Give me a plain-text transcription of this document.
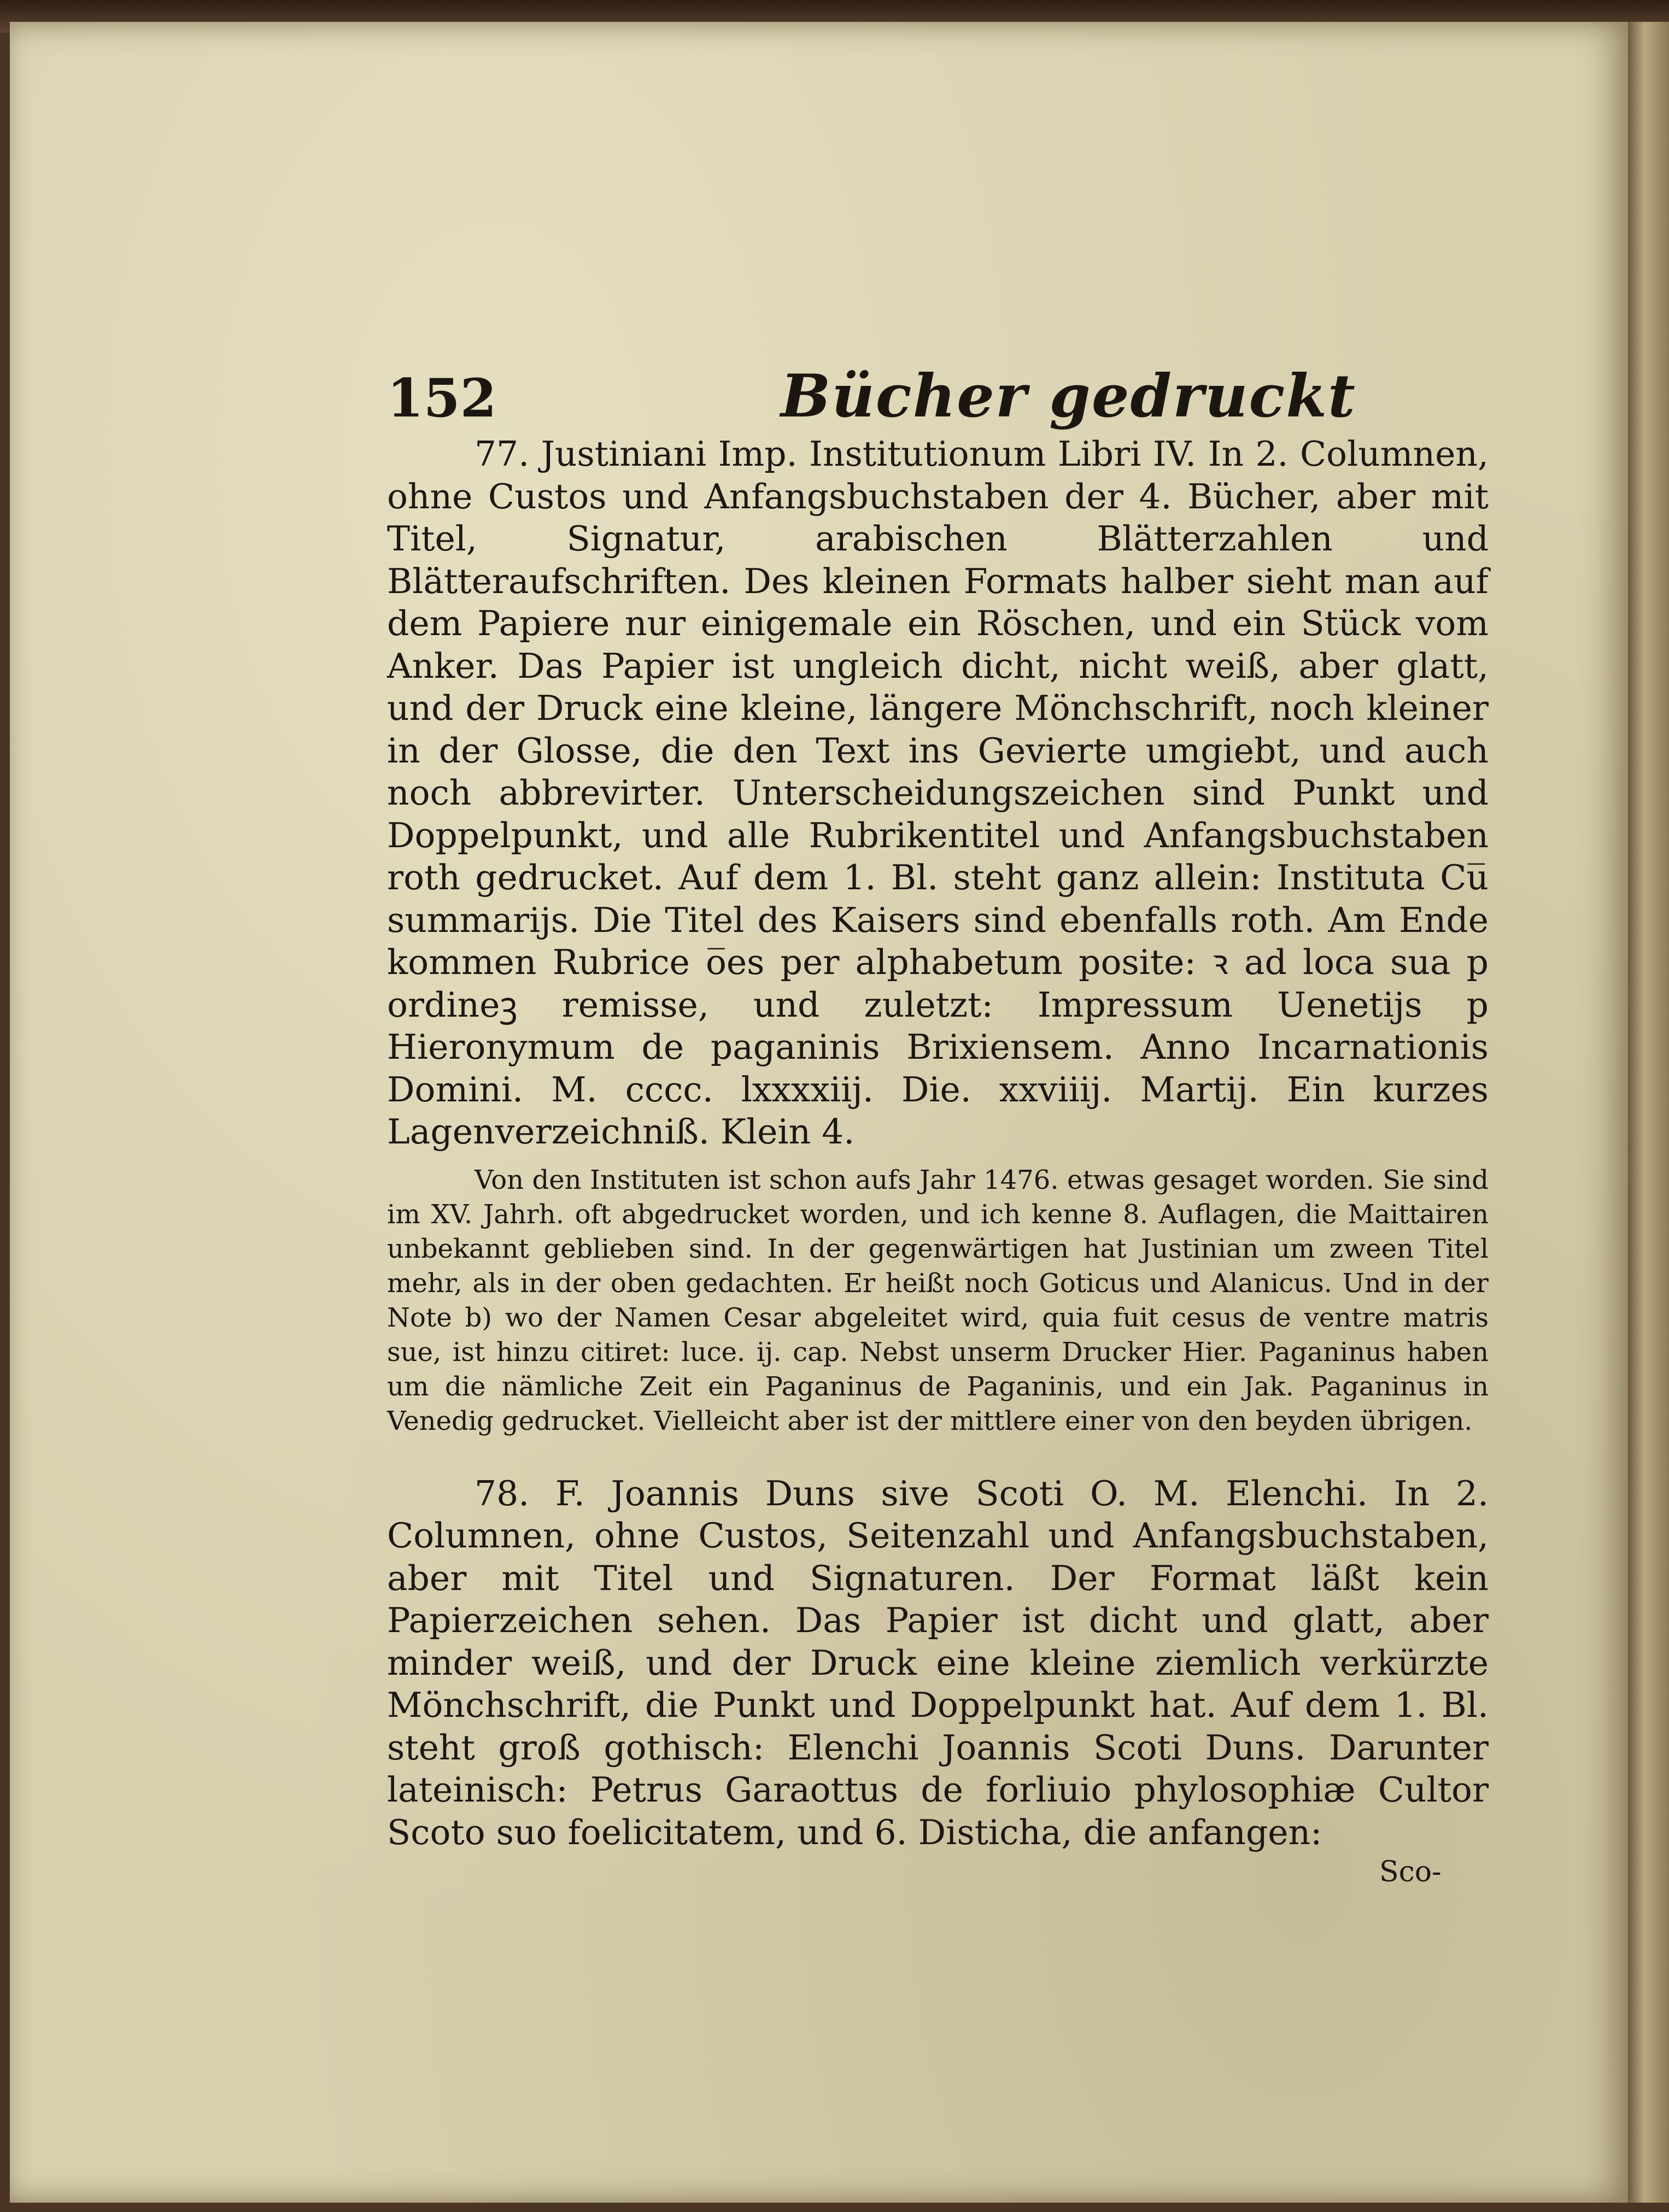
152	Bücher gedruckt

77. Justiniani Imp. Institutionum Libri IV. In 2. Columnen, ohne Custos und Anfangsbuchstaben der 4. Bücher, aber mit Titel, Signatur, arabischen Blätterzahlen und Blätteraufschriften. Des kleinen Formats halber sieht man auf dem Papiere nur einigemale ein Röschen, und ein Stück vom Anker. Das Papier ist ungleich dicht, nicht weiß, aber glatt, und der Druck eine kleine, längere Mönchschrift, noch kleiner in der Glosse, die den Text ins Gevierte umgiebt, und auch noch abbrevirter. Unterscheidungszeichen sind Punkt und Doppelpunkt, und alle Rubrikentitel und Anfangsbuchstaben roth gedrucket. Auf dem 1. Bl. steht ganz allein: Instituta Cu̅ summarijs. Die Titel des Kaisers sind ebenfalls roth. Am Ende kommen Rubrice o̅es per alphabetum posite: ꝛ ad loca sua p ordineꝫ remisse, und zuletzt: Impressum Uenetijs p Hieronymum de paganinis Brixiensem. Anno Incarnationis Domini. M. cccc. lxxxxiij. Die. xxviiij. Martij. Ein kurzes Lagenverzeichniß. Klein 4.

Von den Instituten ist schon aufs Jahr 1476. etwas gesaget worden. Sie sind im XV. Jahrh. oft abgedrucket worden, und ich kenne 8. Auflagen, die Maittairen unbekannt geblieben sind. In der gegenwärtigen hat Justinian um zween Titel mehr, als in der oben gedachten. Er heißt noch Goticus und Alanicus. Und in der Note b) wo der Namen Cesar abgeleitet wird, quia fuit cesus de ventre matris sue, ist hinzu citiret: luce. ij. cap. Nebst unserm Drucker Hier. Paganinus haben um die nämliche Zeit ein Paganinus de Paganinis, und ein Jak. Paganinus in Venedig gedrucket. Vielleicht aber ist der mittlere einer von den beyden übrigen.

78. F. Joannis Duns sive Scoti O. M. Elenchi. In 2. Columnen, ohne Custos, Seitenzahl und Anfangsbuchstaben, aber mit Titel und Signaturen. Der Format läßt kein Papierzeichen sehen. Das Papier ist dicht und glatt, aber minder weiß, und der Druck eine kleine ziemlich verkürzte Mönchschrift, die Punkt und Doppelpunkt hat. Auf dem 1. Bl. steht groß gothisch: Elenchi Joannis Scoti Duns. Darunter lateinisch: Petrus Garaottus de forliuio phylosophiæ Cultor Scoto suo foelicitatem, und 6. Disticha, die anfangen:

Sco-
